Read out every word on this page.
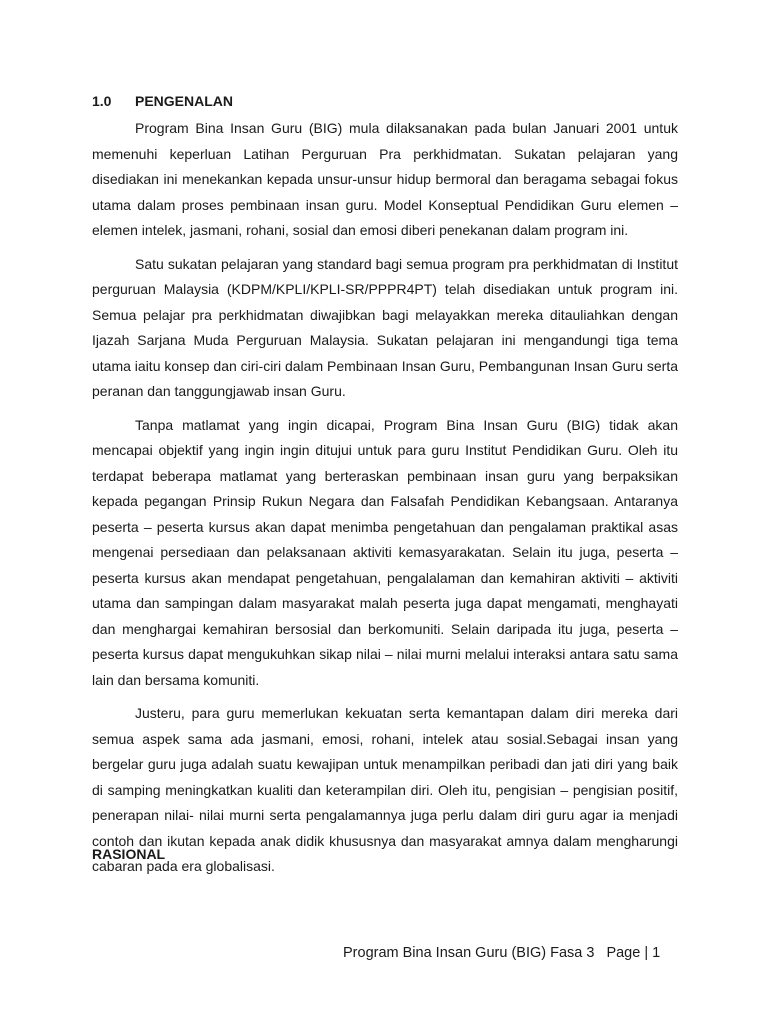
1.0 PENGENALAN

Program Bina Insan Guru (BIG) mula dilaksanakan pada bulan Januari 2001 untuk memenuhi keperluan Latihan Perguruan Pra perkhidmatan. Sukatan pelajaran yang disediakan ini menekankan kepada unsur-unsur hidup bermoral dan beragama sebagai fokus utama dalam proses pembinaan insan guru. Model Konseptual Pendidikan Guru elemen – elemen intelek, jasmani, rohani, sosial dan emosi diberi penekanan dalam program ini.

Satu sukatan pelajaran yang standard bagi semua program pra perkhidmatan di Institut perguruan Malaysia (KDPM/KPLI/KPLI-SR/PPPR4PT) telah disediakan untuk program ini. Semua pelajar pra perkhidmatan diwajibkan bagi melayakkan mereka ditauliahkan dengan Ijazah Sarjana Muda Perguruan Malaysia. Sukatan pelajaran ini mengandungi tiga tema utama iaitu konsep dan ciri-ciri dalam Pembinaan Insan Guru, Pembangunan Insan Guru serta peranan dan tanggungjawab insan Guru.

Tanpa matlamat yang ingin dicapai, Program Bina Insan Guru (BIG) tidak akan mencapai objektif yang ingin ingin ditujui untuk para guru Institut Pendidikan Guru. Oleh itu terdapat beberapa matlamat yang berteraskan pembinaan insan guru yang berpaksikan kepada pegangan Prinsip Rukun Negara dan Falsafah Pendidikan Kebangsaan. Antaranya peserta – peserta kursus akan dapat menimba pengetahuan dan pengalaman praktikal asas mengenai persediaan dan pelaksanaan aktiviti kemasyarakatan. Selain itu juga, peserta – peserta kursus akan mendapat pengetahuan, pengalalaman dan kemahiran aktiviti – aktiviti utama dan sampingan dalam masyarakat malah peserta juga dapat mengamati, menghayati dan menghargai kemahiran bersosial dan berkomuniti. Selain daripada itu juga, peserta – peserta kursus dapat mengukuhkan sikap nilai – nilai murni melalui interaksi antara satu sama lain dan bersama komuniti.

Justeru, para guru memerlukan kekuatan serta kemantapan dalam diri mereka dari semua aspek sama ada jasmani, emosi, rohani, intelek atau sosial.Sebagai insan yang bergelar guru juga adalah suatu kewajipan untuk menampilkan peribadi dan jati diri yang baik di samping meningkatkan kualiti dan keterampilan diri. Oleh itu, pengisian – pengisian positif, penerapan nilai- nilai murni serta pengalamannya juga perlu dalam diri guru agar ia menjadi contoh dan ikutan kepada anak didik khususnya dan masyarakat amnya dalam mengharungi cabaran pada era globalisasi.

RASIONAL
Program Bina Insan Guru (BIG) Fasa 3 Page | 1
